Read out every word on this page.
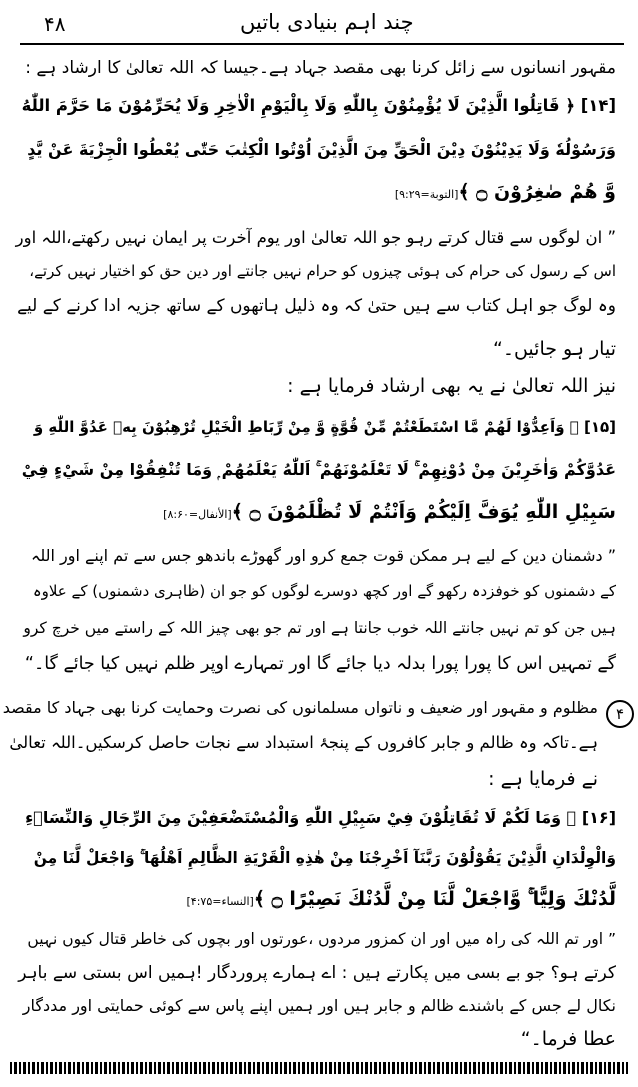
۴۸	چند اہم بنیادی باتیں
مقہور انسانوں سے زائل کرنا بھی مقصد جہاد ہے۔جیسا کہ اللہ تعالیٰ کا ارشاد ہے :
[۱۴] ﴿ قَاتِلُوا الَّذِيْنَ لَا يُؤْمِنُوْنَ بِاللّٰهِ وَلَا بِالْيَوْمِ الْاٰخِرِ وَلَا يُحَرِّمُوْنَ مَا حَرَّمَ اللّٰهُ
وَرَسُوْلُهٗ وَلَا يَدِيْنُوْنَ دِيْنَ الْحَقِّ مِنَ الَّذِيْنَ اُوْتُوا الْكِتٰبَ حَتّٰى يُعْطُوا الْجِزْيَةَ عَنْ يَّدٍ
وَّ هُمْ صٰغِرُوْنَ ۝ ﴾[التوبة=۹:۲۹]
” ان لوگوں سے قتال کرتے رہو جو اللہ تعالیٰ اور یوم آخرت پر ایمان نہیں رکھتے،اللہ اور
اس کے رسول کی حرام کی ہوئی چیزوں کو حرام نہیں جانتے اور دین حق کو اختیار نہیں کرتے،
وہ لوگ جو اہل کتاب سے ہیں حتیٰ کہ وہ ذلیل ہاتھوں کے ساتھ جزیہ ادا کرنے کے لیے
تیار ہو جائیں۔“
نیز اللہ تعالیٰ نے یہ بھی ارشاد فرمایا ہے :
[۱۵] ﴿ وَاَعِدُّوْا لَهُمْ مَّا اسْتَطَعْتُمْ مِّنْ قُوَّةٍ وَّ مِنْ رِّبَاطِ الْخَيْلِ تُرْهِبُوْنَ بِهٖ عَدُوَّ اللّٰهِ وَ
عَدُوَّكُمْ وَاٰخَرِيْنَ مِنْ دُوْنِهِمْ ۚ لَا تَعْلَمُوْنَهُمْ ۚ اَللّٰهُ يَعْلَمُهُمْ ۭ وَمَا تُنْفِقُوْا مِنْ شَيْءٍ فِيْ
سَبِيْلِ اللّٰهِ يُوَفَّ اِلَيْكُمْ وَاَنْتُمْ لَا تُظْلَمُوْنَ ۝ ﴾[الأنفال=۸:۶۰]
” دشمنان دین کے لیے ہر ممکن قوت جمع کرو اور گھوڑے باندھو جس سے تم اپنے اور اللہ
کے دشمنوں کو خوفزدہ رکھو گے اور کچھ دوسرے لوگوں کو جو ان (ظاہری دشمنوں) کے علاوہ
ہیں جن کو تم نہیں جانتے اللہ خوب جانتا ہے اور تم جو بھی چیز اللہ کے راستے میں خرچ کرو
گے تمہیں اس کا پورا پورا بدلہ دیا جائے گا اور تمہارے اوپر ظلم نہیں کیا جائے گا۔“
۴
مظلوم و مقہور اور ضعیف و ناتواں مسلمانوں کی نصرت وحمایت کرنا بھی جہاد کا مقصد
ہے۔تاکہ وہ ظالم و جابر کافروں کے پنجۂ استبداد سے نجات حاصل کرسکیں۔اللہ تعالیٰ
نے فرمایا ہے :
[۱۶] ﴿ وَمَا لَكُمْ لَا تُقَاتِلُوْنَ فِيْ سَبِيْلِ اللّٰهِ وَالْمُسْتَضْعَفِيْنَ مِنَ الرِّجَالِ وَالنِّسَاۗءِ
وَالْوِلْدَانِ الَّذِيْنَ يَقُوْلُوْنَ رَبَّنَآ اَخْرِجْنَا مِنْ هٰذِهِ الْقَرْيَةِ الظَّالِمِ اَهْلُهَا ۚ وَاجْعَلْ لَّنَا مِنْ
لَّدُنْكَ وَلِيًّا ۚ وَّاجْعَلْ لَّنَا مِنْ لَّدُنْكَ نَصِيْرًا ۝ ﴾[النساء=۴:۷۵]
” اور تم اللہ کی راہ میں اور ان کمزور مردوں ،عورتوں اور بچوں کی خاطر قتال کیوں نہیں
کرتے ہو؟ جو بے بسی میں پکارتے ہیں : اے ہمارے پروردگار !ہمیں اس بستی سے باہر
نکال لے جس کے باشندے ظالم و جابر ہیں اور ہمیں اپنے پاس سے کوئی حمایتی اور مددگار
عطا فرما۔“
